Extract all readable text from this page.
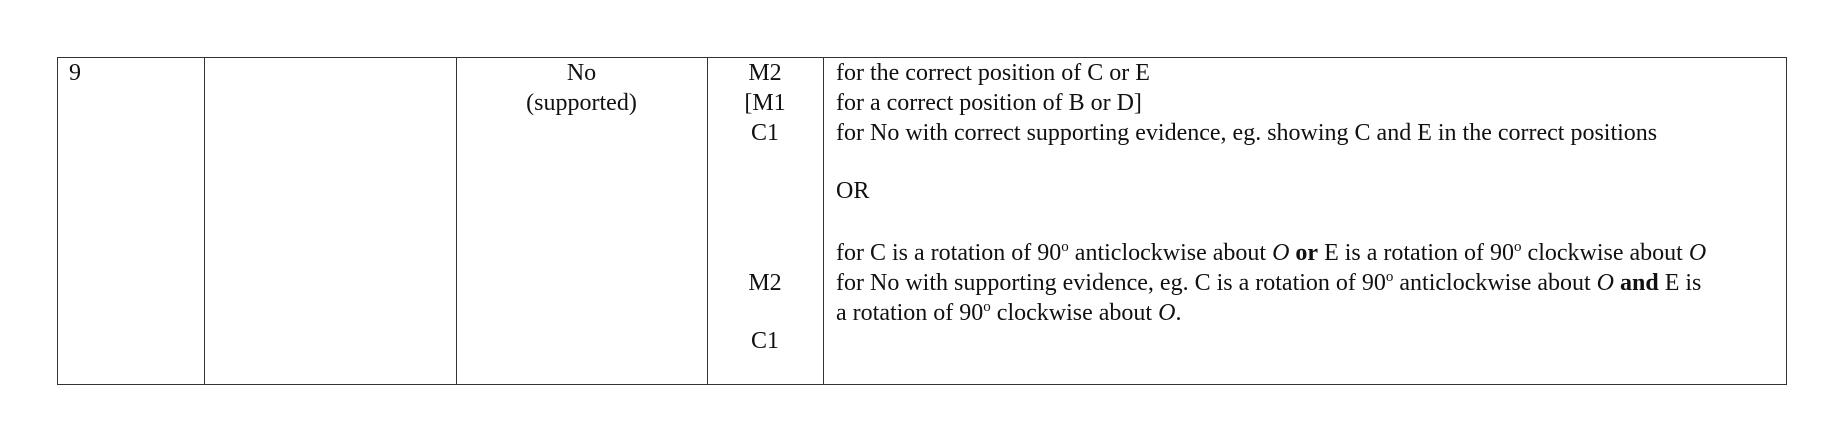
9	No
(supported)
M2
[M1
C1
M2
C1
for the correct position of C or E
for a correct position of B or D]
for No with correct supporting evidence, eg. showing C and E in the correct positions
OR
for C is a rotation of 90$^o$ anticlockwise about O or E is a rotation of 90$^o$ clockwise about O
for No with supporting evidence, eg. C is a rotation of 90$^o$ anticlockwise about O and E is
a rotation of 90$^o$ clockwise about O.
